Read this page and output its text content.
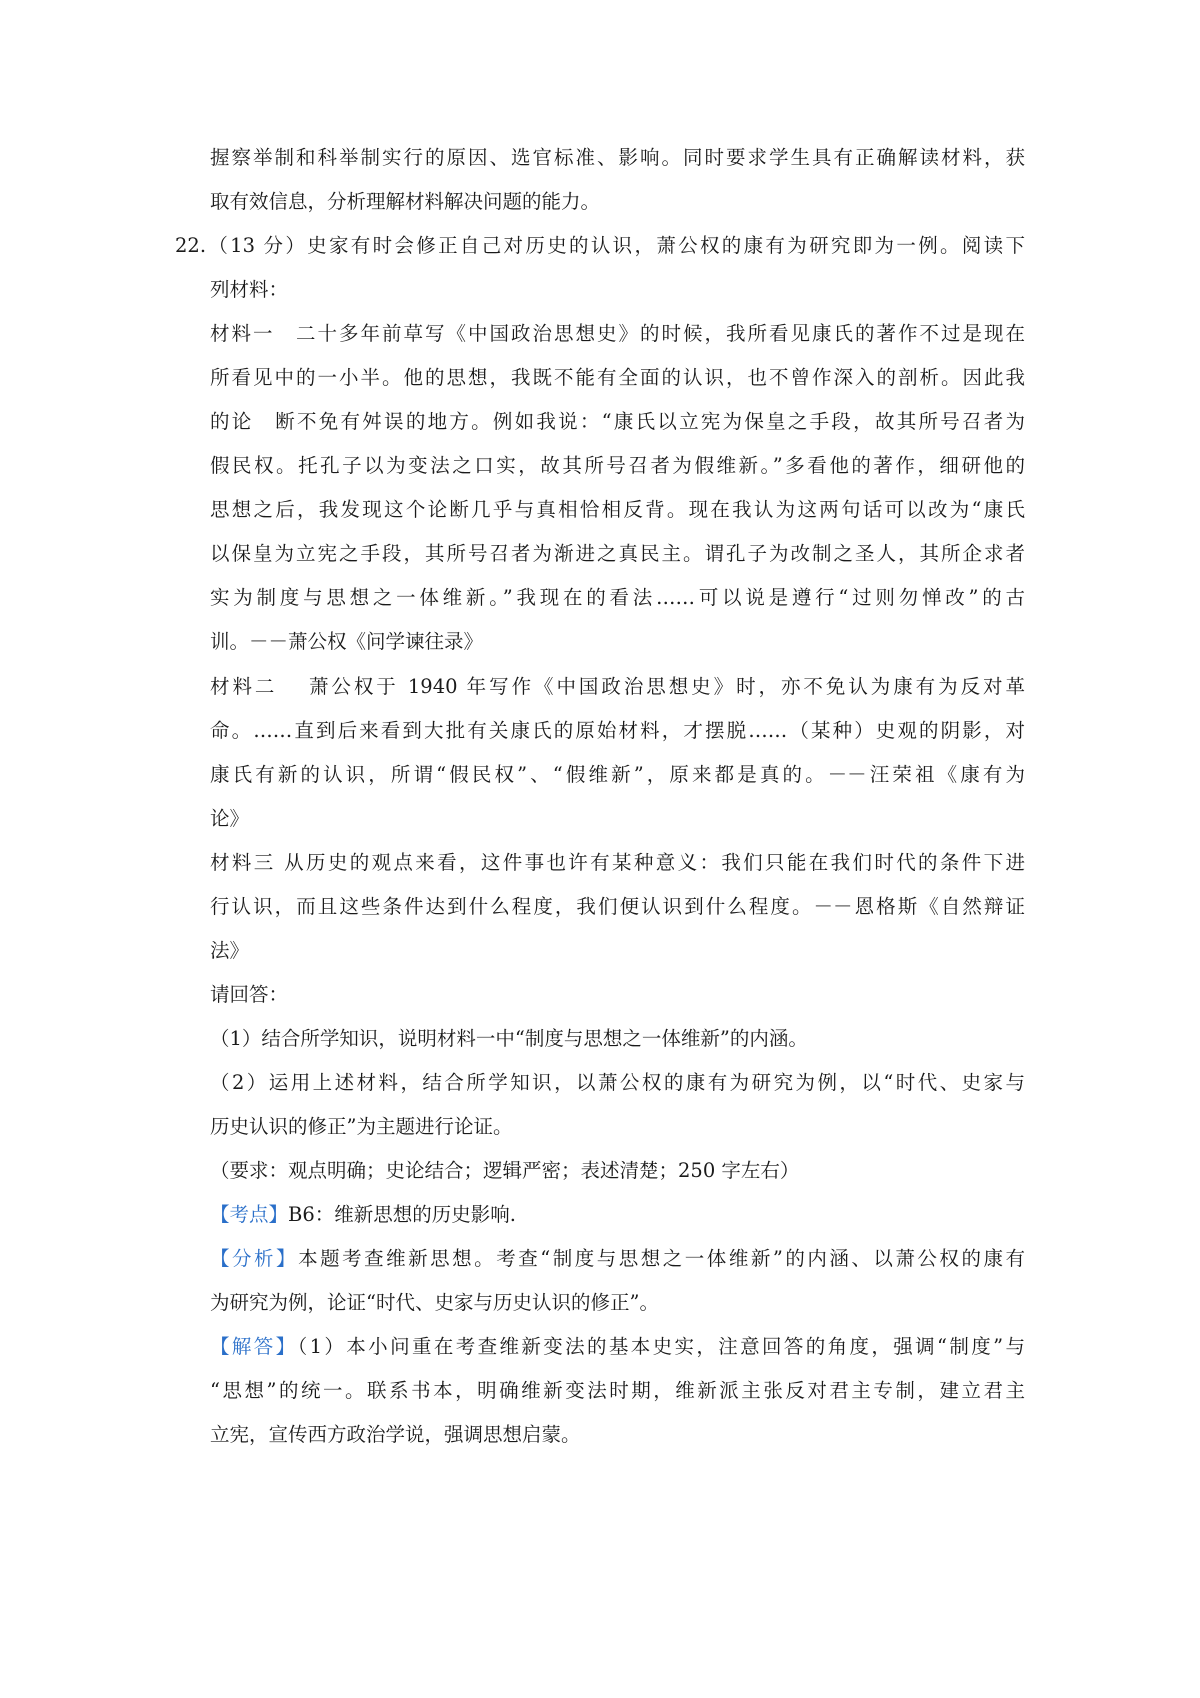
握察举制和科举制实行的原因、选官标准、影响。同时要求学生具有正确解读材料，获
取有效信息，分析理解材料解决问题的能力。
22.（13 分）史家有时会修正自己对历史的认识，萧公权的康有为研究即为一例。阅读下
列材料：
材料一　二十多年前草写《中国政治思想史》的时候，我所看见康氏的著作不过是现在
所看见中的一小半。他的思想，我既不能有全面的认识，也不曾作深入的剖析。因此我
的论　断不免有舛误的地方。例如我说：“康氏以立宪为保皇之手段，故其所号召者为
假民权。托孔子以为变法之口实，故其所号召者为假维新。”多看他的著作，细研他的
思想之后，我发现这个论断几乎与真相恰相反背。现在我认为这两句话可以改为“康氏
以保皇为立宪之手段，其所号召者为渐进之真民主。谓孔子为改制之圣人，其所企求者
实为制度与思想之一体维新。”我现在的看法……可以说是遵行“过则勿惮改”的古
训。－－萧公权《问学谏往录》
材料二　 萧公权于 1940 年写作《中国政治思想史》时，亦不免认为康有为反对革
命。……直到后来看到大批有关康氏的原始材料，才摆脱……（某种）史观的阴影，对
康氏有新的认识，所谓“假民权”、“假维新”，原来都是真的。－－汪荣祖《康有为
论》
材料三 从历史的观点来看，这件事也许有某种意义：我们只能在我们时代的条件下进
行认识，而且这些条件达到什么程度，我们便认识到什么程度。－－恩格斯《自然辩证
法》
请回答：
（1）结合所学知识，说明材料一中“制度与思想之一体维新”的内涵。
（2）运用上述材料，结合所学知识，以萧公权的康有为研究为例，以“时代、史家与
历史认识的修正”为主题进行论证。
（要求：观点明确；史论结合；逻辑严密；表述清楚；250 字左右）
【考点】B6：维新思想的历史影响.
【分析】本题考查维新思想。考查“制度与思想之一体维新”的内涵、以萧公权的康有
为研究为例，论证“时代、史家与历史认识的修正”。
【解答】（1）本小问重在考查维新变法的基本史实，注意回答的角度，强调“制度”与
“思想”的统一。联系书本，明确维新变法时期，维新派主张反对君主专制，建立君主
立宪，宣传西方政治学说，强调思想启蒙。
